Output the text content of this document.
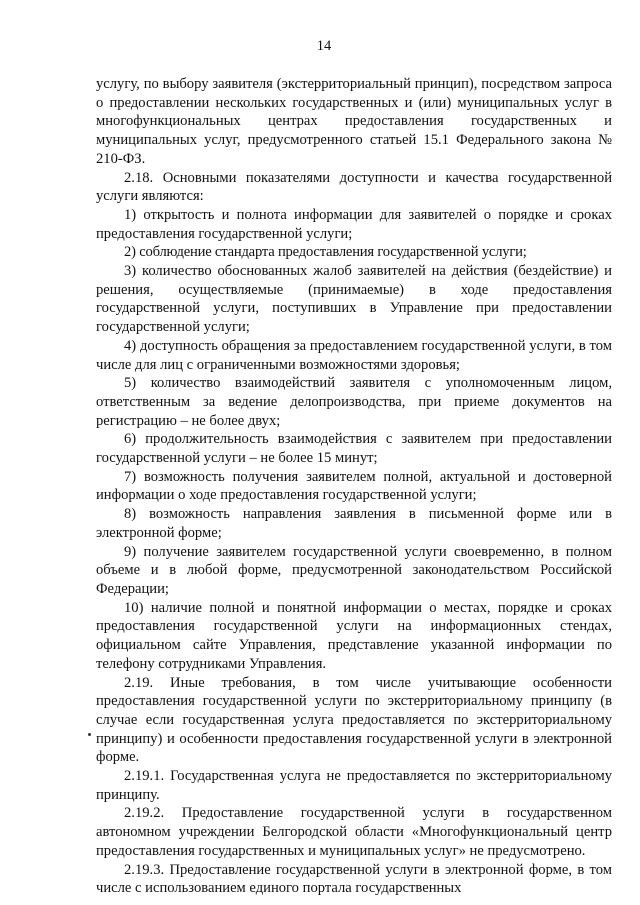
14

услугу, по выбору заявителя (экстерриториальный принцип), посредством запроса о предоставлении нескольких государственных и (или) муниципальных услуг в многофункциональных центрах предоставления государственных и муниципальных услуг, предусмотренного статьей 15.1 Федерального закона № 210-ФЗ.

2.18. Основными показателями доступности и качества государственной услуги являются:

1) открытость и полнота информации для заявителей о порядке и сроках предоставления государственной услуги;

2) соблюдение стандарта предоставления государственной услуги;

3) количество обоснованных жалоб заявителей на действия (бездействие) и решения, осуществляемые (принимаемые) в ходе предоставления государственной услуги, поступивших в Управление при предоставлении государственной услуги;

4) доступность обращения за предоставлением государственной услуги, в том числе для лиц с ограниченными возможностями здоровья;

5) количество взаимодействий заявителя с уполномоченным лицом, ответственным за ведение делопроизводства, при приеме документов на регистрацию – не более двух;

6) продолжительность взаимодействия с заявителем при предоставлении государственной услуги – не более 15 минут;

7) возможность получения заявителем полной, актуальной и достоверной информации о ходе предоставления государственной услуги;

8) возможность направления заявления в письменной форме или в электронной форме;

9) получение заявителем государственной услуги своевременно, в полном объеме и в любой форме, предусмотренной законодательством Российской Федерации;

10) наличие полной и понятной информации о местах, порядке и сроках предоставления государственной услуги на информационных стендах, официальном сайте Управления, представление указанной информации по телефону сотрудниками Управления.

2.19. Иные требования, в том числе учитывающие особенности предоставления государственной услуги по экстерриториальному принципу (в случае если государственная услуга предоставляется по экстерриториальному принципу) и особенности предоставления государственной услуги в электронной форме.

2.19.1. Государственная услуга не предоставляется по экстерриториальному принципу.

2.19.2. Предоставление государственной услуги в государственном автономном учреждении Белгородской области «Многофункциональный центр предоставления государственных и муниципальных услуг» не предусмотрено.

2.19.3. Предоставление государственной услуги в электронной форме, в том числе с использованием единого портала государственных
